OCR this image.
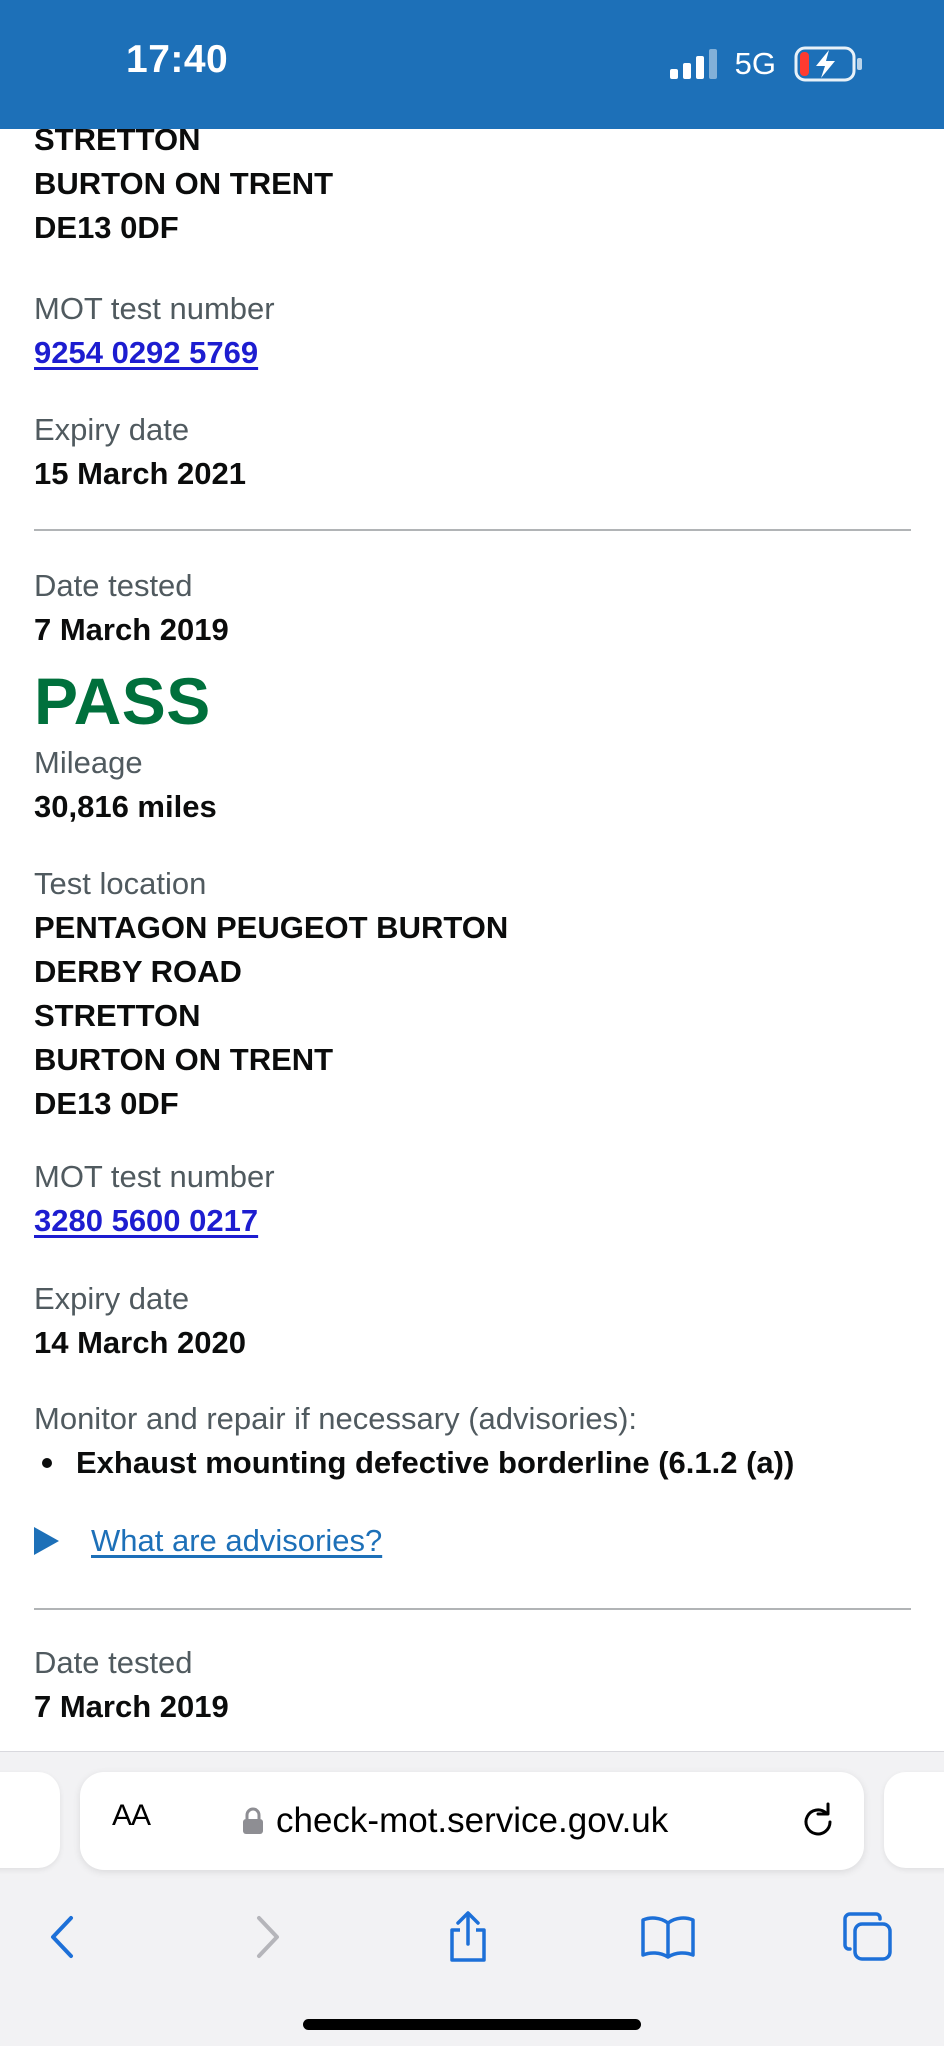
17:40	5G
STRETTON
BURTON ON TRENT
DE13 0DF
MOT test number
9254 0292 5769
Expiry date
15 March 2021
Date tested
7 March 2019
PASS
Mileage
30,816 miles
Test location
PENTAGON PEUGEOT BURTON
DERBY ROAD
STRETTON
BURTON ON TRENT
DE13 0DF
MOT test number
3280 5600 0217
Expiry date
14 March 2020
Monitor and repair if necessary (advisories):
Exhaust mounting defective borderline (6.1.2 (a))
What are advisories?
Date tested
7 March 2019
AA	check-mot.service.gov.uk
